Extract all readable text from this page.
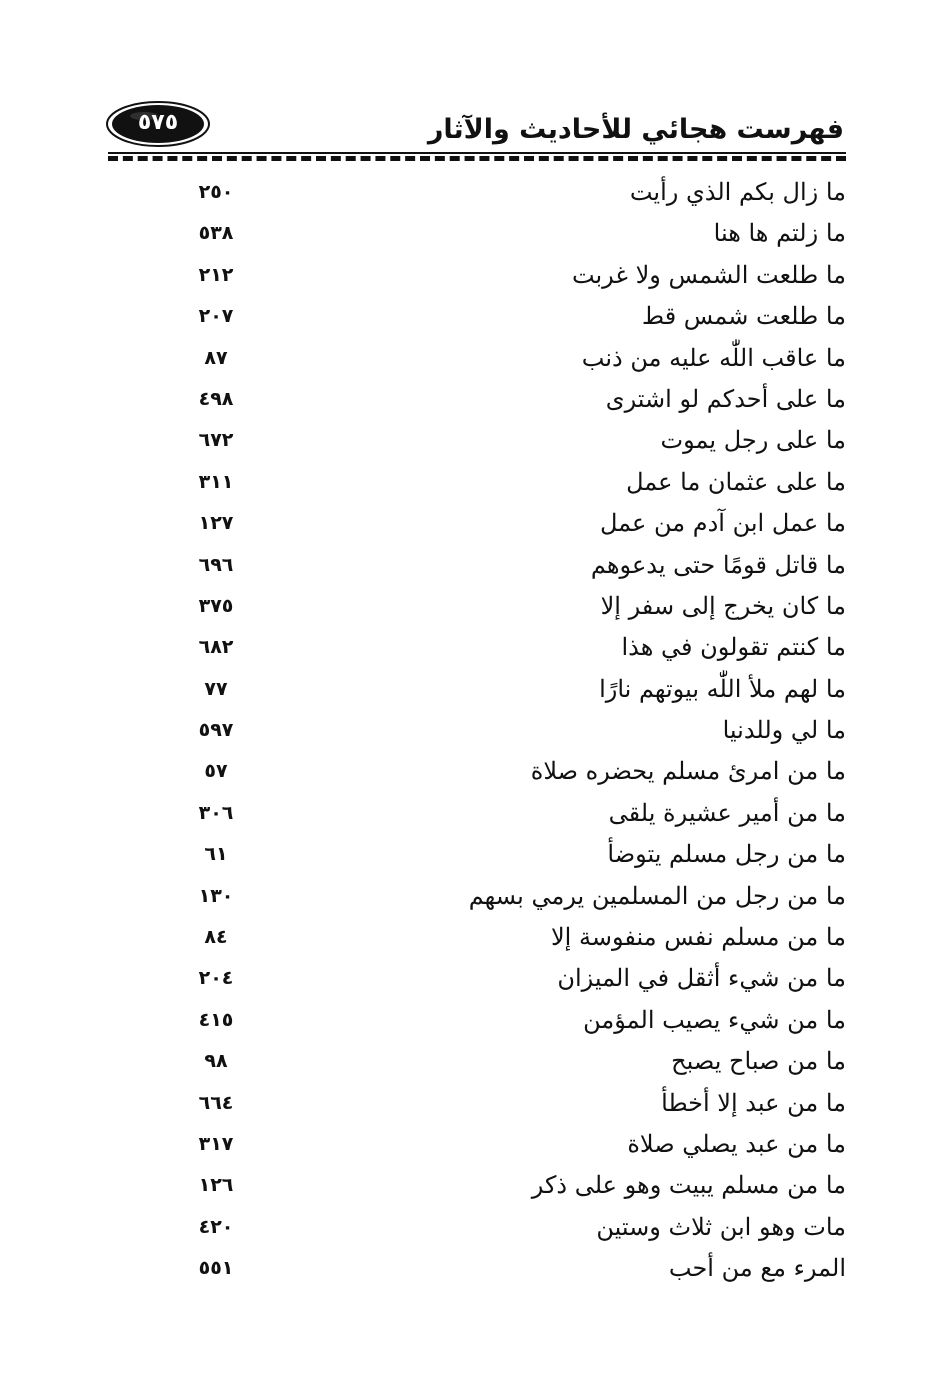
فهرست هجائي للأحاديث والآثار
٥٧٥
ما زال بكم الذي رأيت
٢٥٠
ما زلتم ها هنا
٥٣٨
ما طلعت الشمس ولا غربت
٢١٢
ما طلعت شمس قط
٢٠٧
ما عاقب اللّٰه عليه من ذنب
٨٧
ما على أحدكم لو اشترى
٤٩٨
ما على رجل يموت
٦٧٢
ما على عثمان ما عمل
٣١١
ما عمل ابن آدم من عمل
١٢٧
ما قاتل قومًا حتى يدعوهم
٦٩٦
ما كان يخرج إلى سفر إلا
٣٧٥
ما كنتم تقولون في هذا
٦٨٢
ما لهم ملأ اللّٰه بيوتهم نارًا
٧٧
ما لي وللدنيا
٥٩٧
ما من امرئ مسلم يحضره صلاة
٥٧
ما من أمير عشيرة يلقى
٣٠٦
ما من رجل مسلم يتوضأ
٦١
ما من رجل من المسلمين يرمي بسهم
١٣٠
ما من مسلم نفس منفوسة إلا
٨٤
ما من شيء أثقل في الميزان
٢٠٤
ما من شيء يصيب المؤمن
٤١٥
ما من صباح يصبح
٩٨
ما من عبد إلا أخطأ
٦٦٤
ما من عبد يصلي صلاة
٣١٧
ما من مسلم يبيت وهو على ذكر
١٢٦
مات وهو ابن ثلاث وستين
٤٢٠
المرء مع من أحب
٥٥١
